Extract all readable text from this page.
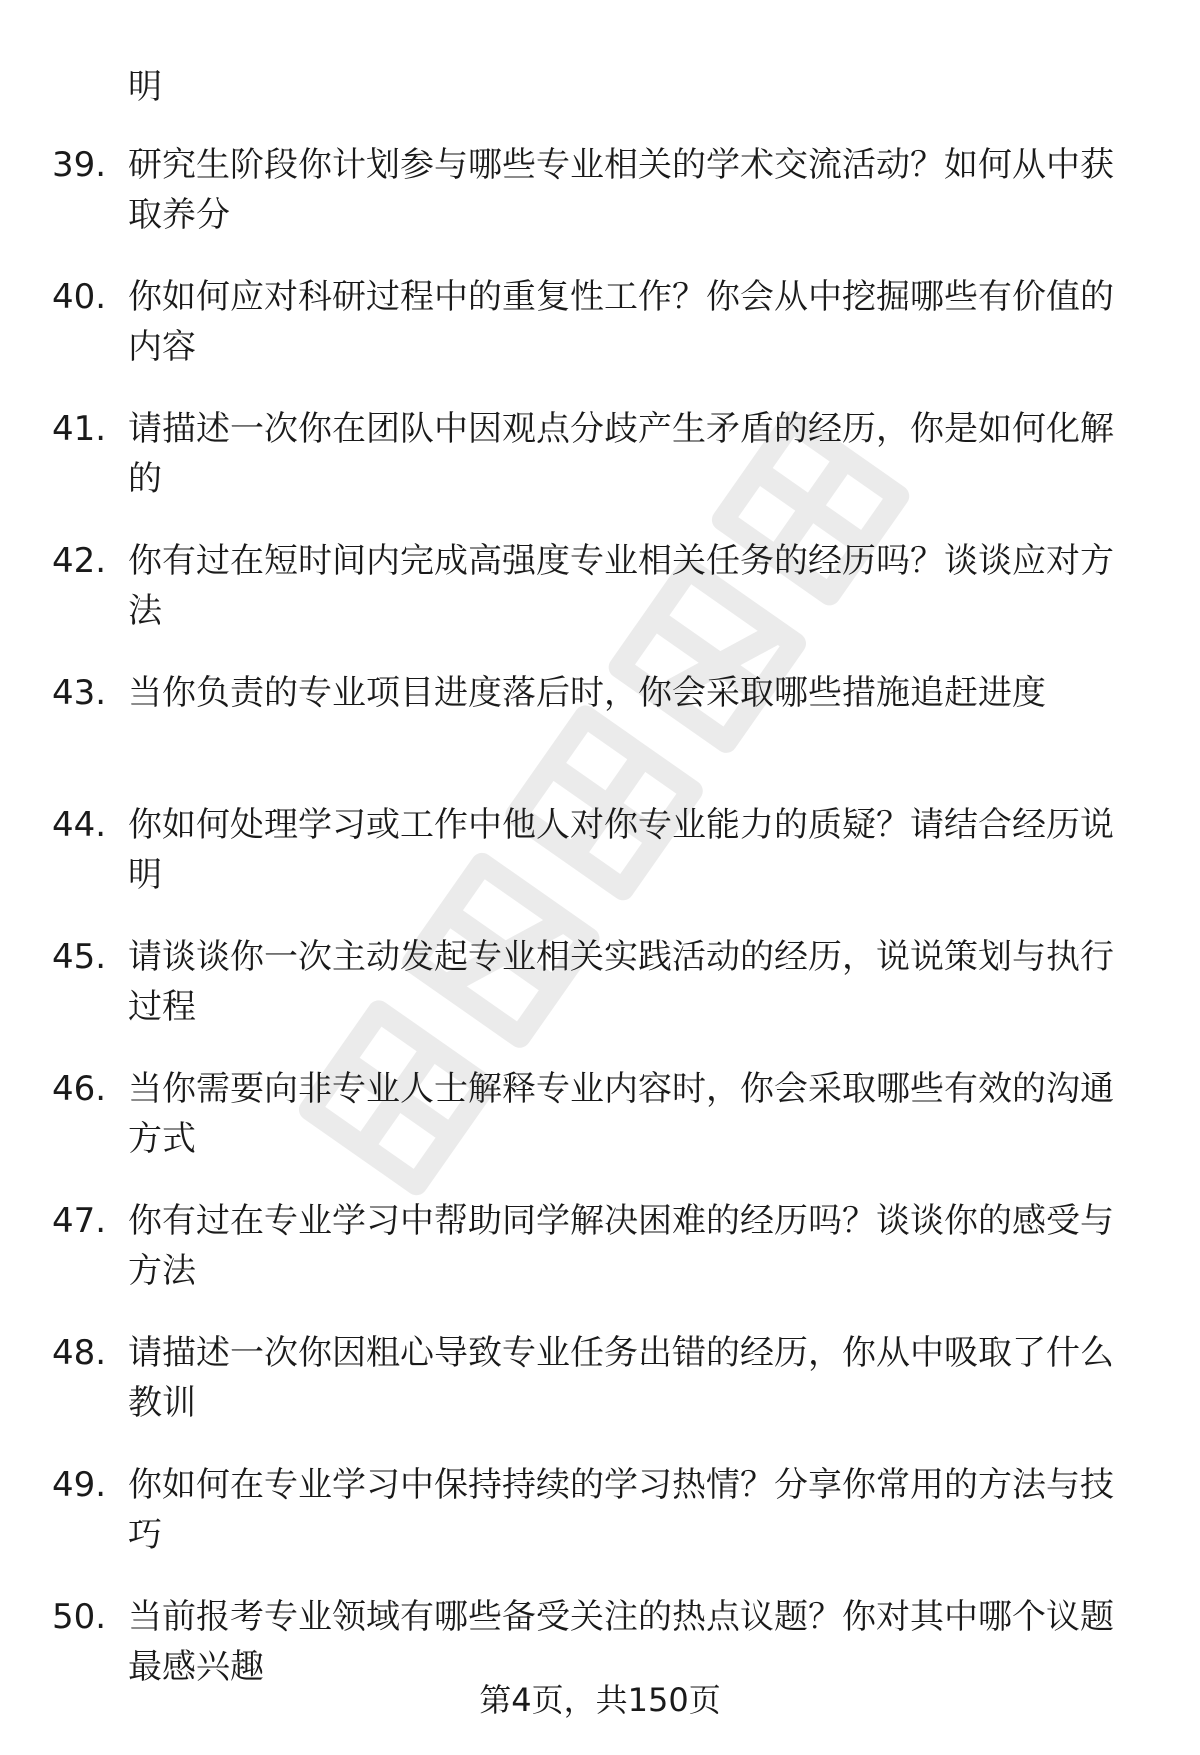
明
39. 研究生阶段你计划参与哪些专业相关的学术交流活动？如何从中获取养分
40. 你如何应对科研过程中的重复性工作？你会从中挖掘哪些有价值的内容
41. 请描述一次你在团队中因观点分歧产生矛盾的经历，你是如何化解的
42. 你有过在短时间内完成高强度专业相关任务的经历吗？谈谈应对方法
43. 当你负责的专业项目进度落后时，你会采取哪些措施追赶进度
44. 你如何处理学习或工作中他人对你专业能力的质疑？请结合经历说明
45. 请谈谈你一次主动发起专业相关实践活动的经历，说说策划与执行过程
46. 当你需要向非专业人士解释专业内容时，你会采取哪些有效的沟通方式
47. 你有过在专业学习中帮助同学解决困难的经历吗？谈谈你的感受与方法
48. 请描述一次你因粗心导致专业任务出错的经历，你从中吸取了什么教训
49. 你如何在专业学习中保持持续的学习热情？分享你常用的方法与技巧
50. 当前报考专业领域有哪些备受关注的热点议题？你对其中哪个议题最感兴趣
第4页，共150页
